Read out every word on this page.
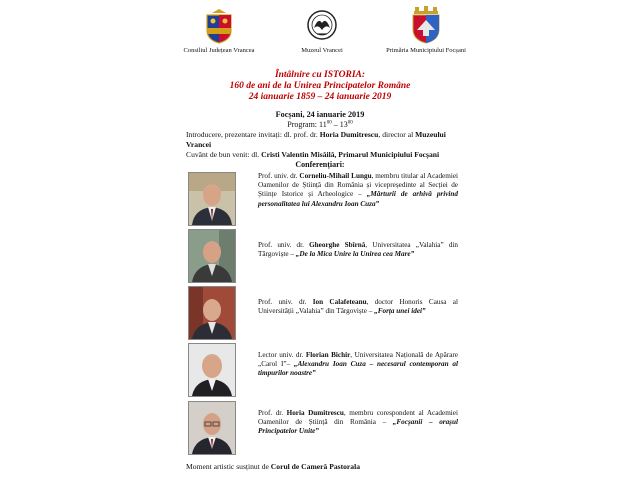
Consiliul Județean Vrancea	Muzeul Vrancei	Primăria Municipiului Focșani
Întâlnire cu ISTORIA:
160 de ani de la Unirea Principatelor Române
24 ianuarie 1859 – 24 ianuarie 2019
Focșani, 24 ianuarie 2019
Program: $11^{00} - 13^{00}$
Introducere, prezentare invitați: dl. prof. dr. Horia Dumitrescu, director al Muzeului Vrancei
Cuvânt de bun venit: dl. Cristi Valentin Misăilă, Primarul Municipiului Focșani
Conferențiari:
Prof. univ. dr. Corneliu-Mihail Lungu, membru titular al Academiei Oamenilor de Știință din România și vicepreședinte al Secției de Științe Istorice și Arheologice – „Mărturii de arhivă privind personalitatea lui Alexandru Ioan Cuza”
Prof. univ. dr. Gheorghe Sbîrnă, Universitatea „Valahia” din Târgoviște – „De la Mica Unire la Unirea cea Mare”
Prof. univ. dr. Ion Calafeteanu, doctor Honoris Causa al Universității „Valahia” din Târgoviște – „Forța unei idei”
Lector univ. dr. Florian Bichir, Universitatea Națională de Apărare „Carol I”– „Alexandru Ioan Cuza – necesarul contemporan al timpurilor noastre”
Prof. dr. Horia Dumitrescu, membru corespondent al Academiei Oamenilor de Știință din România – „Focșanii – orașul Principatelor Unite”
Moment artistic susținut de Corul de Cameră Pastorala
